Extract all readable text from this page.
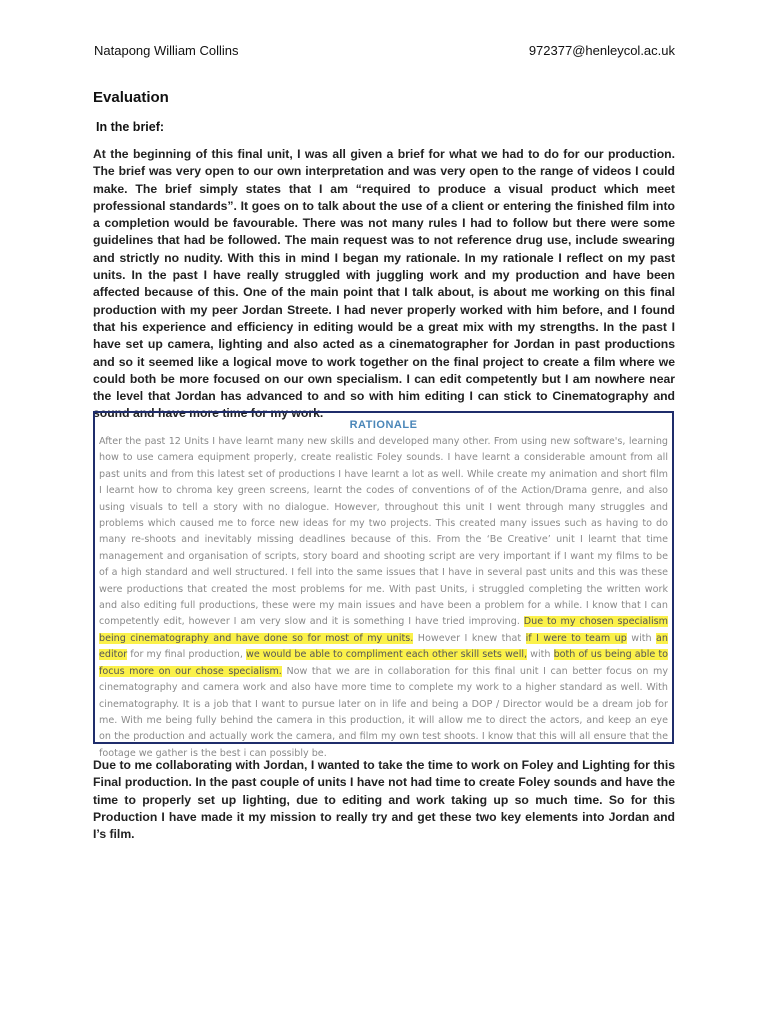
Natapong William Collins	972377@henleycol.ac.uk
Evaluation
In the brief:
At the beginning of this final unit, I was all given a brief for what we had to do for our production. The brief was very open to our own interpretation and was very open to the range of videos I could make. The brief simply states that I am “required to produce a visual product which meet professional standards”. It goes on to talk about the use of a client or entering the finished film into a completion would be favourable. There was not many rules I had to follow but there were some guidelines that had be followed. The main request was to not reference drug use, include swearing and strictly no nudity. With this in mind I began my rationale. In my rationale I reflect on my past units. In the past I have really struggled with juggling work and my production and have been affected because of this. One of the main point that I talk about, is about me working on this final production with my peer Jordan Streete. I had never properly worked with him before, and I found that his experience and efficiency in editing would be a great mix with my strengths. In the past I have set up camera, lighting and also acted as a cinematographer for Jordan in past productions and so it seemed like a logical move to work together on the final project to create a film where we could both be more focused on our own specialism. I can edit competently but I am nowhere near the level that Jordan has advanced to and so with him editing I can stick to Cinematography and sound and have more time for my work.
RATIONALE
After the past 12 Units I have learnt many new skills and developed many other. From using new software's, learning how to use camera equipment properly, create realistic Foley sounds. I have learnt a considerable amount from all past units and from this latest set of productions I have learnt a lot as well. While create my animation and short film I learnt how to chroma key green screens, learnt the codes of conventions of of the Action/Drama genre, and also using visuals to tell a story with no dialogue. However, throughout this unit I went through many struggles and problems which caused me to force new ideas for my two projects. This created many issues such as having to do many re-shoots and inevitably missing deadlines because of this. From the ‘Be Creative’ unit I learnt that time management and organisation of scripts, story board and shooting script are very important if I want my films to be of a high standard and well structured. I fell into the same issues that I have in several past units and this was these were productions that created the most problems for me. With past Units, i struggled completing the written work and also editing full productions, these were my main issues and have been a problem for a while. I know that I can competently edit, however I am very slow and it is something I have tried improving. Due to my chosen specialism being cinematography and have done so for most of my units. However I knew that if I were to team up with an editor for my final production, we would be able to compliment each other skill sets well, with both of us being able to focus more on our chose specialism. Now that we are in collaboration for this final unit I can better focus on my cinematography and camera work and also have more time to complete my work to a higher standard as well. With cinematography. It is a job that I want to pursue later on in life and being a DOP / Director would be a dream job for me. With me being fully behind the camera in this production, it will allow me to direct the actors, and keep an eye on the production and actually work the camera, and film my own test shoots. I know that this will all ensure that the footage we gather is the best i can possibly be.
Due to me collaborating with Jordan, I wanted to take the time to work on Foley and Lighting for this Final production. In the past couple of units I have not had time to create Foley sounds and have the time to properly set up lighting, due to editing and work taking up so much time. So for this Production I have made it my mission to really try and get these two key elements into Jordan and I’s film.
